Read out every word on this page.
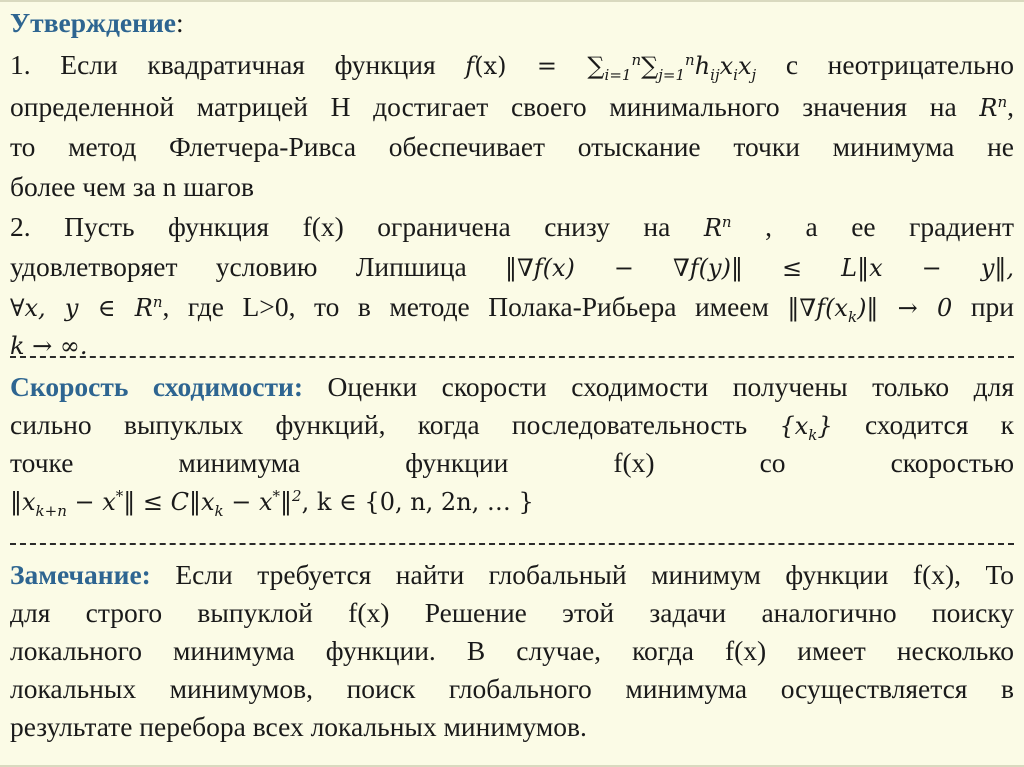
Утверждение:
1. Если квадратичная функция $f(x) = \sum_{i=1}^n\sum_{j=1}^nh_{ij}x_ix_j$ с неотрицательно
определенной матрицей H достигает своего минимального значения на $R^n$,
то метод Флетчера-Ривса обеспечивает отыскание точки минимума не
более чем за n шагов
2. Пусть функция f(x) ограничена снизу на $R^n$ , а ее градиент
удовлетворяет условию Липшица ‖∇f(x) − ∇f(y)‖ ≤ L‖x − y‖,
∀x, y ∈ $R^n$, где L>0, то в методе Полака-Рибьера имеем $‖\nabla f(x_k)‖ \to 0$ при
k → ∞.
Скорость сходимости: Оценки скорости сходимости получены только для
сильно выпуклых функций, когда последовательность $\{x_k\}$ сходится к
точке минимума функции f(x) со скоростью
$‖x_{k+n}$ − x*‖ ≤ $C‖x_k$ − x*‖$^2$, k ∈ {0, n, 2n, … }
Замечание: Если требуется найти глобальный минимум функции f(x), То
для строго выпуклой f(x) Решение этой задачи аналогично поиску
локального минимума функции. В случае, когда f(x) имеет несколько
локальных минимумов, поиск глобального минимума осуществляется в
результате перебора всех локальных минимумов.
